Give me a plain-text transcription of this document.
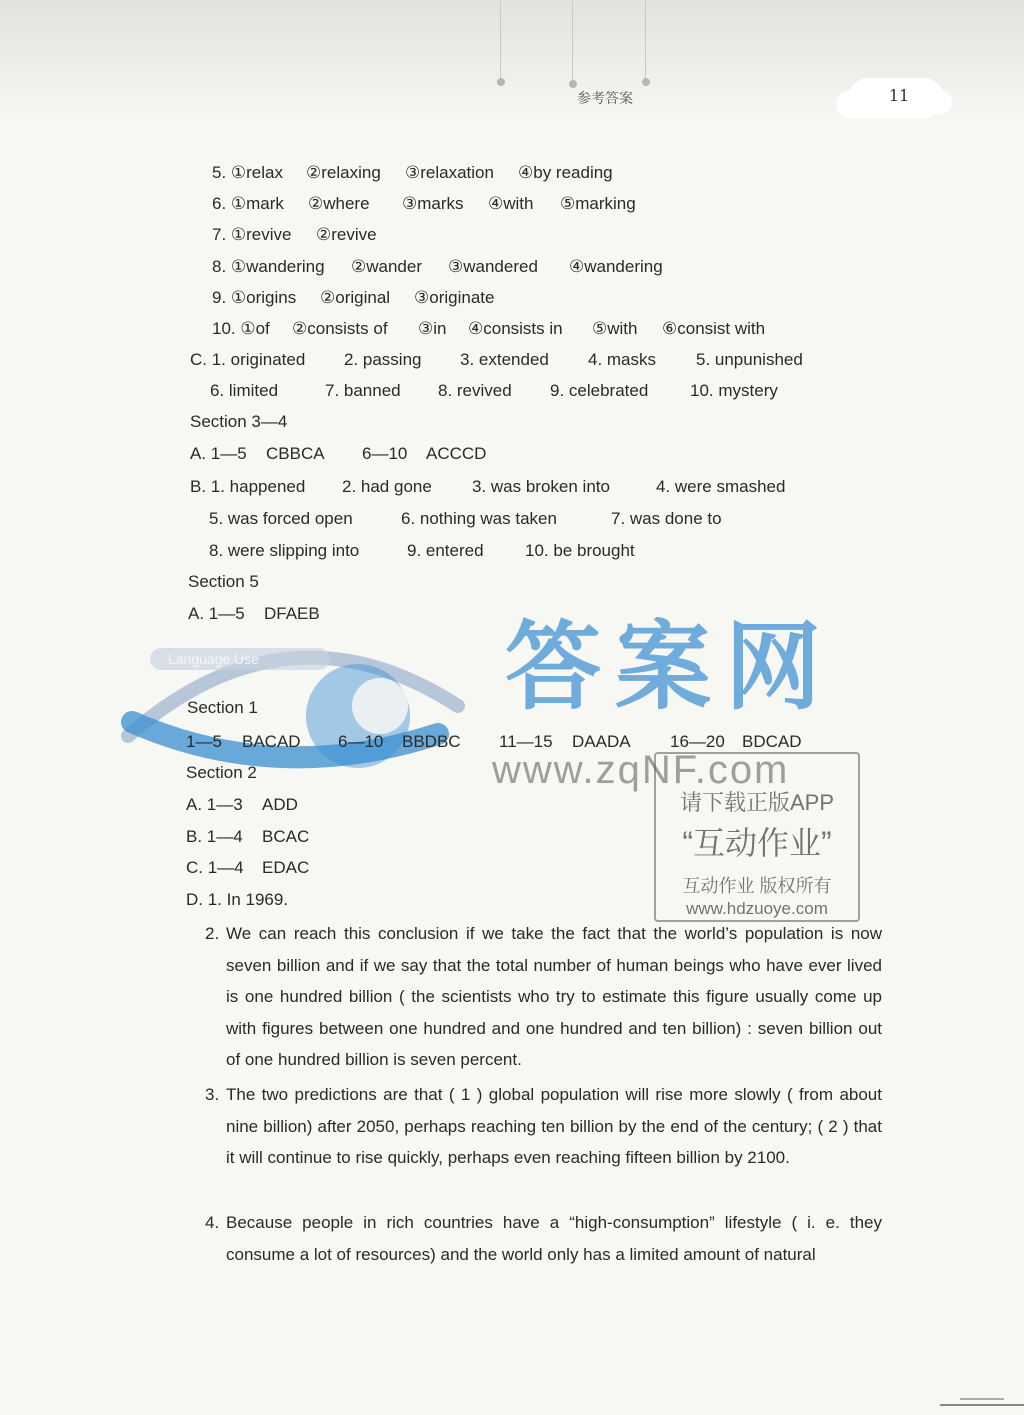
参考答案	11
5. ①relax ②relaxing ③relaxation ④by reading
6. ①mark ②where ③marks ④with ⑤marking
7. ①revive ②revive
8. ①wandering ②wander ③wandered ④wandering
9. ①origins ②original ③originate
10. ①of ②consists of ③in ④consists in ⑤with ⑥consist with
C. 1. originated 2. passing 3. extended 4. masks 5. unpunished
6. limited	7. banned 8. revived 9. celebrated 10. mystery
Section 3—4
A. 1—5 CBBCA 6—10 ACCCD
B. 1. happened 2. had gone 3. was broken into	4. were smashed
5. was forced open	6. nothing was taken	7. was done to
8. were slipping into	9. entered 10. be brought
Section 5
A. 1—5 DFAEB
Language Use	答案网
Section 1
1—5 BACAD 6—10 BBDBC 11—15 DAADA 16—20 BDCAD
Section 2
A. 1—3 ADD
B. 1—4 BCAC
C. 1—4 EDAC
D. 1. In 1969.
2. We can reach this conclusion if we take the fact that the world’s population is now seven billion and if we say that the total number of human beings who have ever lived is one hundred billion ( the scientists who try to estimate this figure usually come up with figures between one hundred and one hundred and ten billion) : seven billion out of one hundred billion is seven percent.
3. The two predictions are that ( 1 ) global population will rise more slowly ( from about nine billion) after 2050, perhaps reaching ten billion by the end of the century; ( 2 ) that it will continue to rise quickly, perhaps even reaching fifteen billion by 2100.
4. Because people in rich countries have a “high-consumption” lifestyle ( i. e. they consume a lot of resources) and the world only has a limited amount of natural
www.zqNF.com
请下载正版APP
“互动作业”
互动作业 版权所有
www.hdzuoye.com
